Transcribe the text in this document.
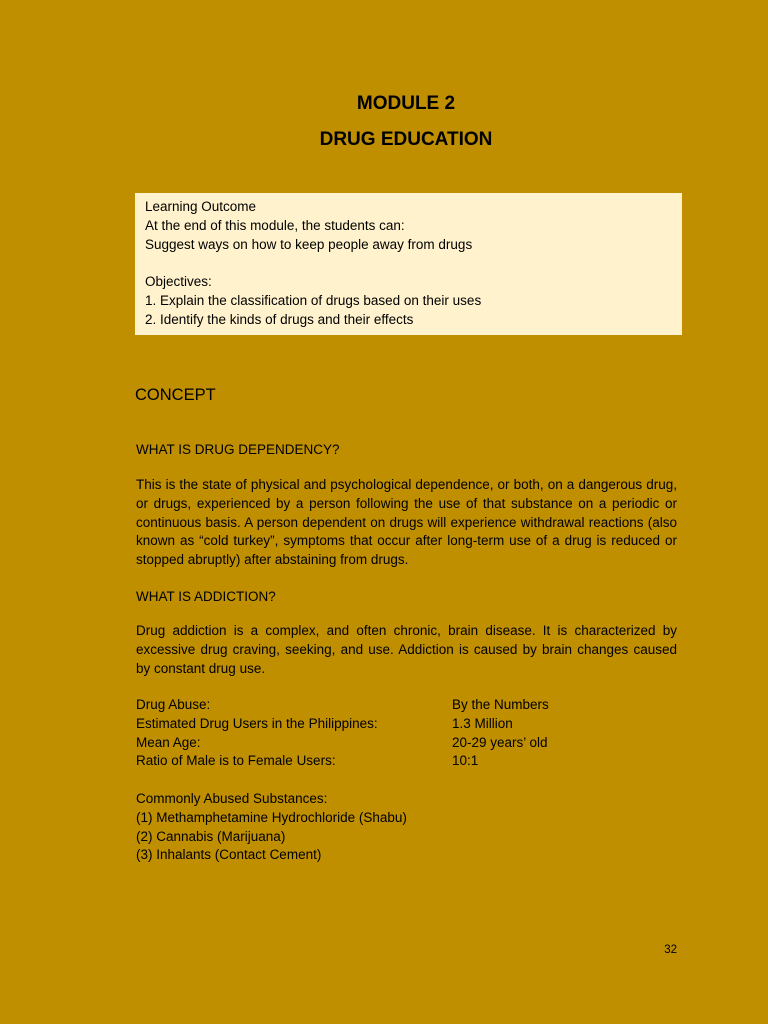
MODULE 2
DRUG EDUCATION
Learning Outcome
At the end of this module, the students can:
Suggest ways on how to keep people away from drugs
Objectives:
1. Explain the classification of drugs based on their uses
2. Identify the kinds of drugs and their effects
CONCEPT
WHAT IS DRUG DEPENDENCY?
This is the state of physical and psychological dependence, or both, on a dangerous drug, or drugs, experienced by a person following the use of that substance on a periodic or continuous basis. A person dependent on drugs will experience withdrawal reactions (also known as “cold turkey”, symptoms that occur after long-term use of a drug is reduced or stopped abruptly) after abstaining from drugs.
WHAT IS ADDICTION?
Drug addiction is a complex, and often chronic, brain disease. It is characterized by excessive drug craving, seeking, and use. Addiction is caused by brain changes caused by constant drug use.
Drug Abuse:	By the Numbers
Estimated Drug Users in the Philippines:	1.3 Million
Mean Age:	20-29 years’ old
Ratio of Male is to Female Users:	10:1
Commonly Abused Substances:
(1) Methamphetamine Hydrochloride (Shabu)
(2) Cannabis (Marijuana)
(3) Inhalants (Contact Cement)
32
